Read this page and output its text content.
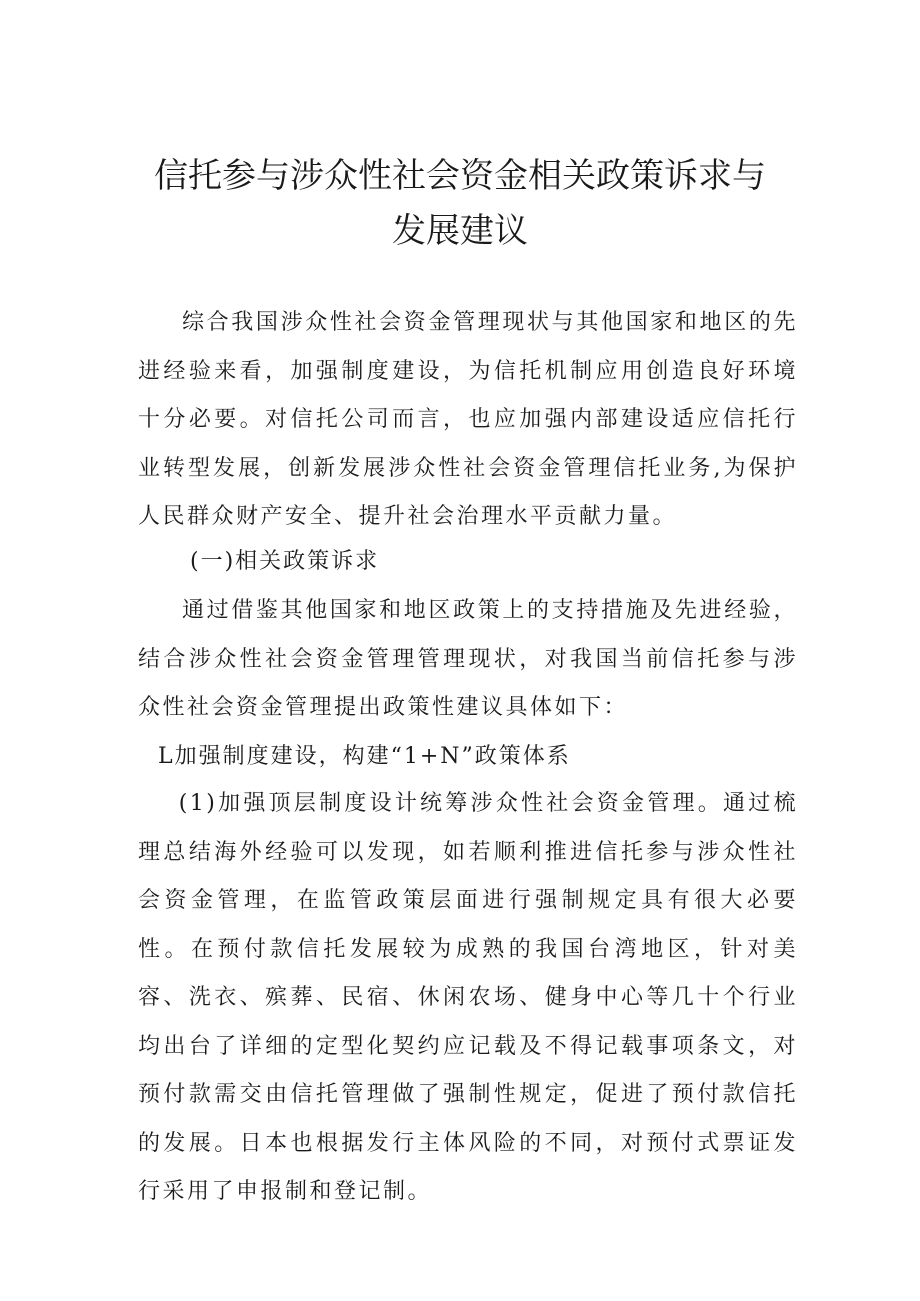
信托参与涉众性社会资金相关政策诉求与
发展建议

综合我国涉众性社会资金管理现状与其他国家和地区的先进经验来看，加强制度建设，为信托机制应用创造良好环境十分必要。对信托公司而言，也应加强内部建设适应信托行业转型发展，创新发展涉众性社会资金管理信托业务,为保护人民群众财产安全、提升社会治理水平贡献力量。

(一)相关政策诉求

通过借鉴其他国家和地区政策上的支持措施及先进经验，结合涉众性社会资金管理管理现状，对我国当前信托参与涉众性社会资金管理提出政策性建议具体如下：

L加强制度建设，构建“1+N”政策体系

(1)加强顶层制度设计统筹涉众性社会资金管理。通过梳理总结海外经验可以发现，如若顺利推进信托参与涉众性社会资金管理，在监管政策层面进行强制规定具有很大必要性。在预付款信托发展较为成熟的我国台湾地区，针对美容、洗衣、殡葬、民宿、休闲农场、健身中心等几十个行业均出台了详细的定型化契约应记载及不得记载事项条文，对预付款需交由信托管理做了强制性规定，促进了预付款信托的发展。日本也根据发行主体风险的不同，对预付式票证发行采用了申报制和登记制。
